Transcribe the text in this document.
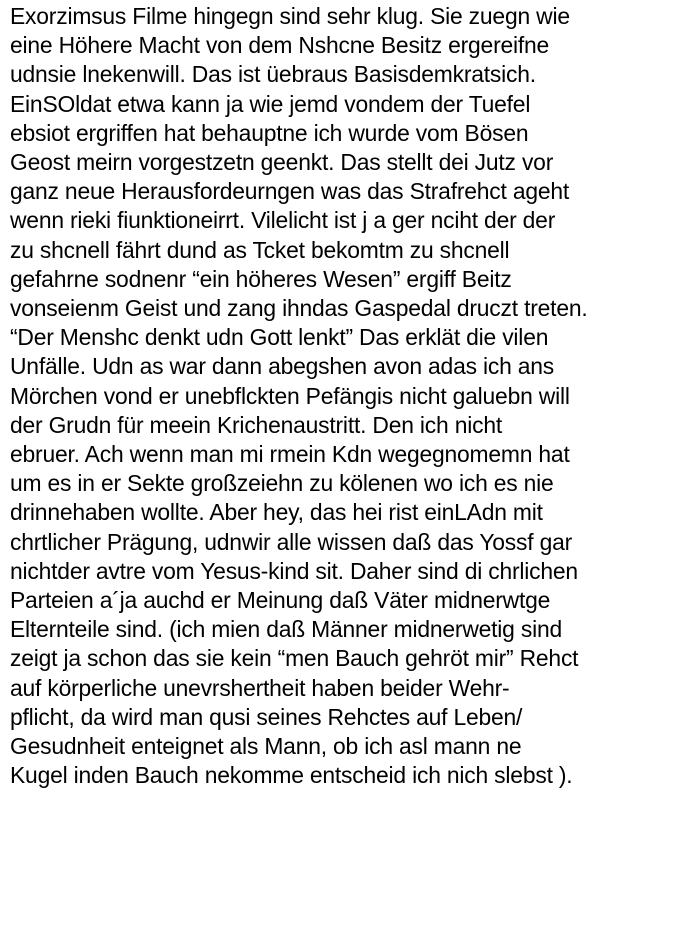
Exorzimsus Filme hingegn sind sehr klug. Sie zuegn wie
eine Höhere Macht von dem Nshcne Besitz ergereifne
udnsie lnekenwill. Das ist üebraus Basisdemkratsich.
EinSOldat etwa kann ja wie jemd vondem der Tuefel
ebsiot ergriffen hat behauptne ich wurde vom Bösen
Geost meirn vorgestzetn geenkt. Das stellt dei Jutz vor
ganz neue Herausfordeurngen was das Strafrehct ageht
wenn rieki fiunktioneirrt. Vilelicht ist j a ger nciht der der
zu shcnell fährt dund as Tcket bekomtm zu shcnell
gefahrne sodnenr “ein höheres Wesen” ergiff Beitz
vonseienm Geist und zang ihndas Gaspedal druczt treten.
“Der Menshc denkt udn Gott lenkt” Das erklät die vilen
Unfälle. Udn as war dann abegshen avon adas ich ans
Mörchen vond er unebflckten Pefängis nicht galuebn will
der Grudn für meein Krichenaustritt. Den ich nicht
ebruer. Ach wenn man mi rmein Kdn wegegnomemn hat
um es in er Sekte großzeiehn zu kölenen wo ich es nie
drinnehaben wollte. Aber hey, das hei rist einLAdn mit
chrtlicher Prägung, udnwir alle wissen daß das Yossf gar
nichtder avtre vom Yesus-kind sit. Daher sind di chrlichen
Parteien a´ja auchd er Meinung daß Väter midnerwtge
Elternteile sind. (ich mien daß Männer midnerwetig sind
zeigt ja schon das sie kein “men Bauch gehröt mir” Rehct
auf körperliche unevrshertheit haben beider Wehr-
pflicht, da wird man qusi seines Rehctes auf Leben/
Gesudnheit enteignet als Mann, ob ich asl mann ne
Kugel inden Bauch nekomme entscheid ich nich slebst ).
